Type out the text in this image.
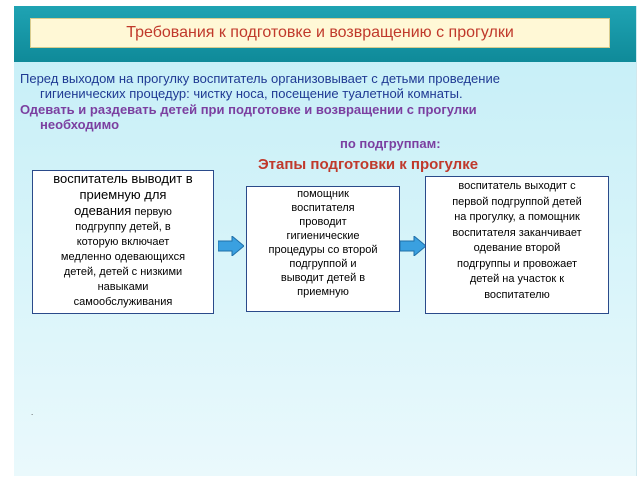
Требования к подготовке и возвращению с прогулки
Перед выходом на прогулку воспитатель организовывает с детьми проведение
гигиенических процедур: чистку носа, посещение туалетной комнаты.
Одевать и раздевать детей при подготовке и возвращении с прогулки
необходимо
по подгруппам:
Этапы подготовки к прогулке
воспитатель выводит в
приемную для
одевания первую
подгруппу детей, в
которую включает
медленно одевающихся
детей, детей с низкими
навыками
самообслуживания
помощник
воспитателя
проводит
гигиенические
процедуры со второй
подгруппой и
выводит детей в
приемную
воспитатель выходит с
первой подгруппой детей
на прогулку, а помощник
воспитателя заканчивает
одевание второй
подгруппы и провожает
детей на участок к
воспитателю
.
